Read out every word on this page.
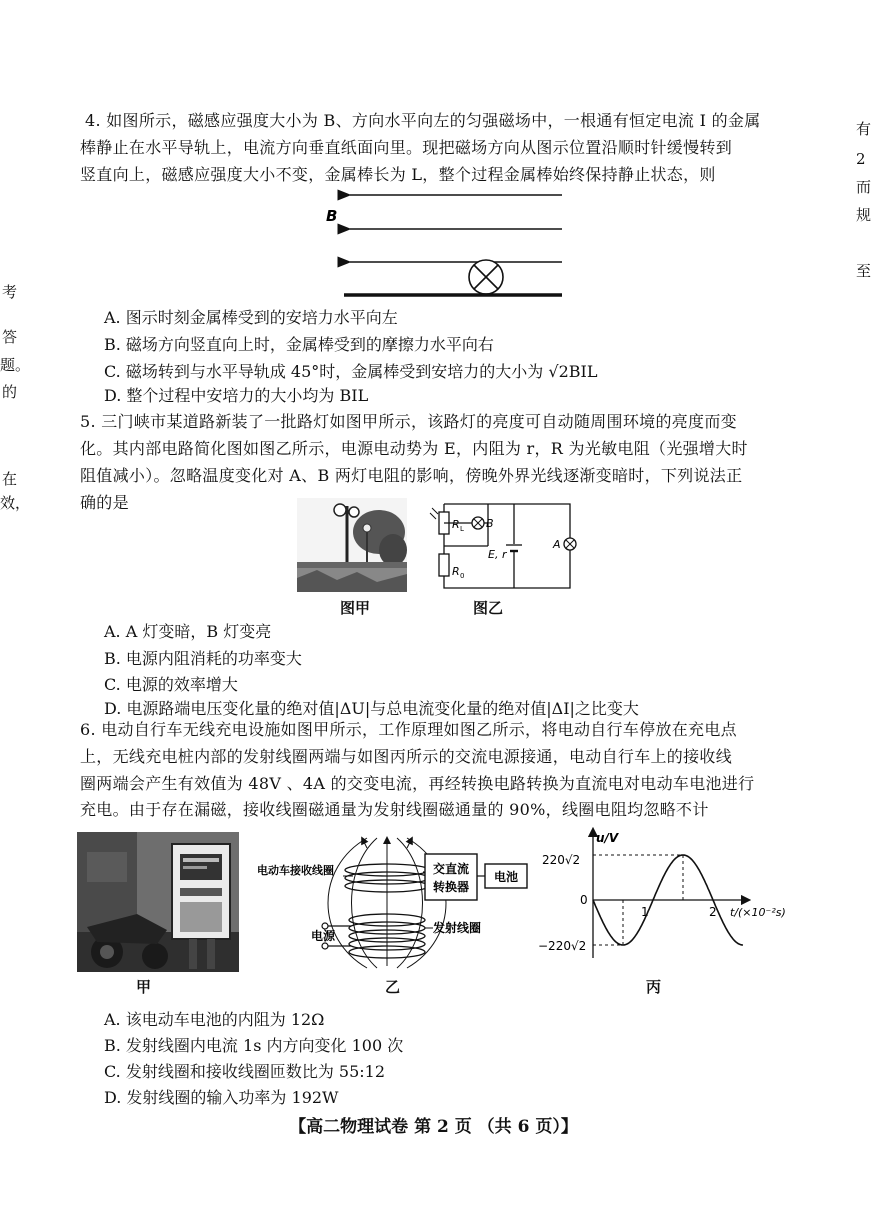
考
答
题。
的
在
效，
有
2
而
规
至
4. 如图所示，磁感应强度大小为 B、方向水平向左的匀强磁场中，一根通有恒定电流 I 的金属
棒静止在水平导轨上，电流方向垂直纸面向里。现把磁场方向从图示位置沿顺时针缓慢转到
竖直向上，磁感应强度大小不变，金属棒长为 L，整个过程金属棒始终保持静止状态，则
B
A. 图示时刻金属棒受到的安培力水平向左
B. 磁场方向竖直向上时，金属棒受到的摩擦力水平向右
C. 磁场转到与水平导轨成 45°时，金属棒受到安培力的大小为 √2BIL
D. 整个过程中安培力的大小均为 BIL
5. 三门峡市某道路新装了一批路灯如图甲所示，该路灯的亮度可自动随周围环境的亮度而变
化。其内部电路简化图如图乙所示，电源电动势为 E，内阻为 r，R 为光敏电阻（光强增大时
阻值减小）。忽略温度变化对 A、B 两灯电阻的影响，傍晚外界光线逐渐变暗时，下列说法正
确的是
图甲
R L B
E, r
R 0
A
图乙
A. A 灯变暗，B 灯变亮
B. 电源内阻消耗的功率变大
C. 电源的效率增大
D. 电源路端电压变化量的绝对值|ΔU|与总电流变化量的绝对值|ΔI|之比变大
6. 电动自行车无线充电设施如图甲所示，工作原理如图乙所示，将电动自行车停放在充电点
上，无线充电桩内部的发射线圈两端与如图丙所示的交流电源接通，电动自行车上的接收线
圈两端会产生有效值为 48V 、4A 的交变电流，再经转换电路转换为直流电对电动车电池进行
充电。由于存在漏磁，接收线圈磁通量为发射线圈磁通量的 90%，线圈电阻均忽略不计
甲
交直流
转换器
电池
电动车接收线圈
电源
发射线圈
乙
u/V
t/(×10⁻²s)
220√2
0
−220√2
1	2
丙
A. 该电动车电池的内阻为 12Ω
B. 发射线圈内电流 1s 内方向变化 100 次
C. 发射线圈和接收线圈匝数比为 55:12
D. 发射线圈的输入功率为 192W
【高二物理试卷 第 2 页 （共 6 页）】
